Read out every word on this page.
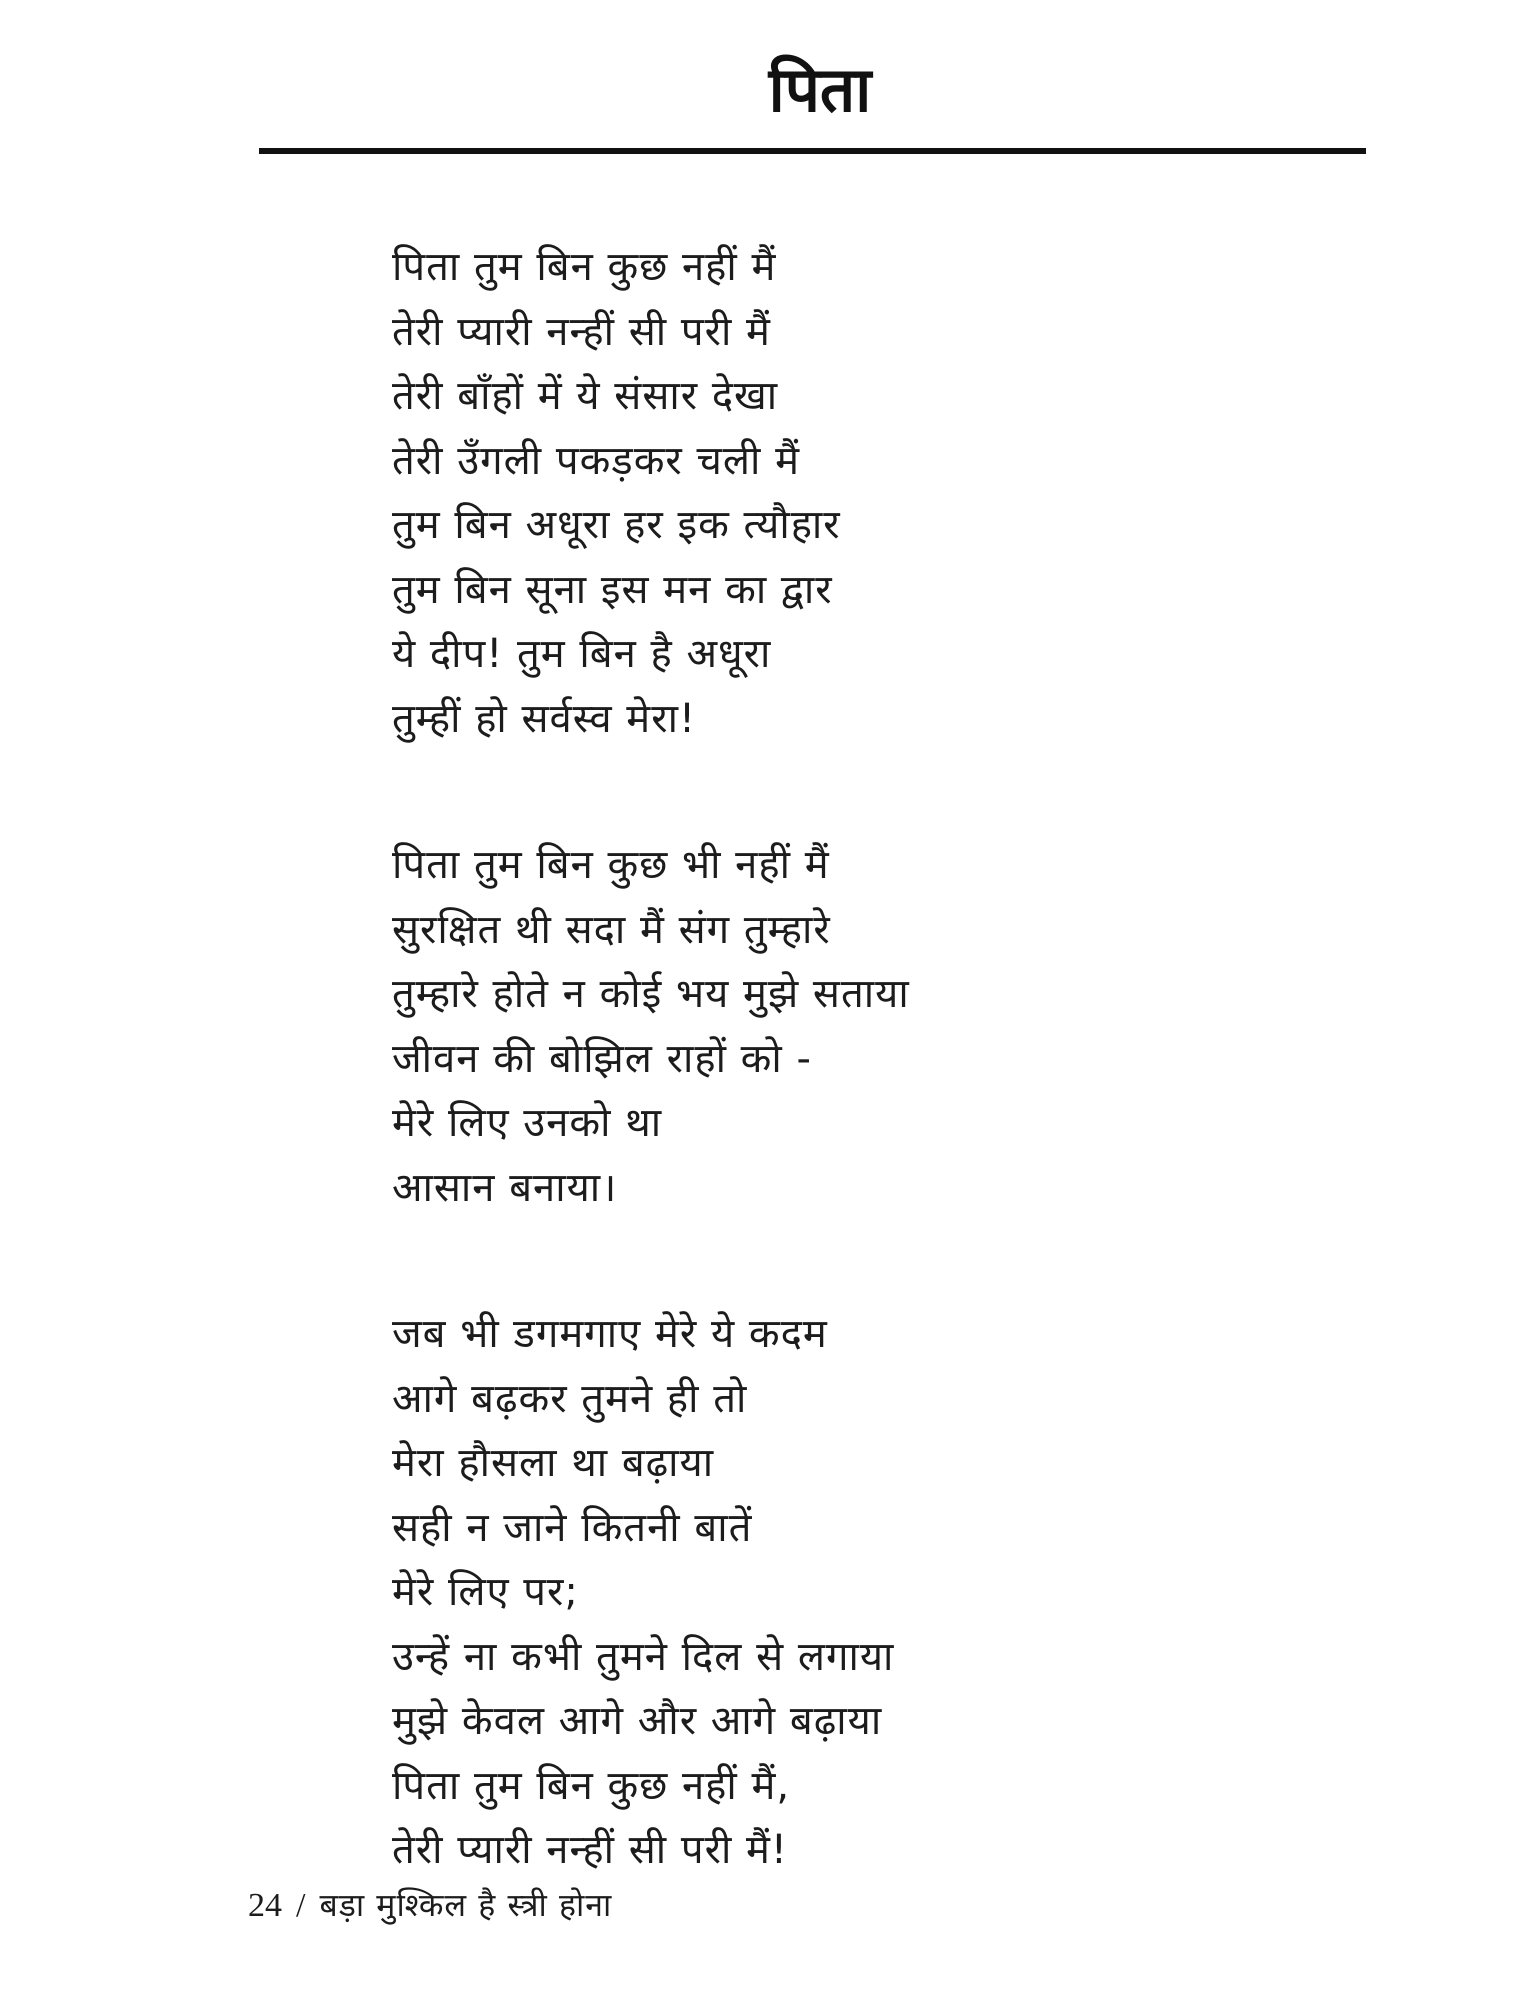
पिता
पिता तुम बिन कुछ नहीं मैं
तेरी प्यारी नन्हीं सी परी मैं
तेरी बाँहों में ये संसार देखा
तेरी उँगली पकड़कर चली मैं
तुम बिन अधूरा हर इक त्यौहार
तुम बिन सूना इस मन का द्वार
ये दीप! तुम बिन है अधूरा
तुम्हीं हो सर्वस्व मेरा!
पिता तुम बिन कुछ भी नहीं मैं
सुरक्षित थी सदा मैं संग तुम्हारे
तुम्हारे होते न कोई भय मुझे सताया
जीवन की बोझिल राहों को -
मेरे लिए उनको था
आसान बनाया।
जब भी डगमगाए मेरे ये कदम
आगे बढ़कर तुमने ही तो
मेरा हौसला था बढ़ाया
सही न जाने कितनी बातें
मेरे लिए पर;
उन्हें ना कभी तुमने दिल से लगाया
मुझे केवल आगे और आगे बढ़ाया
पिता तुम बिन कुछ नहीं मैं,
तेरी प्यारी नन्हीं सी परी मैं!
24 / बड़ा मुश्किल है स्त्री होना
